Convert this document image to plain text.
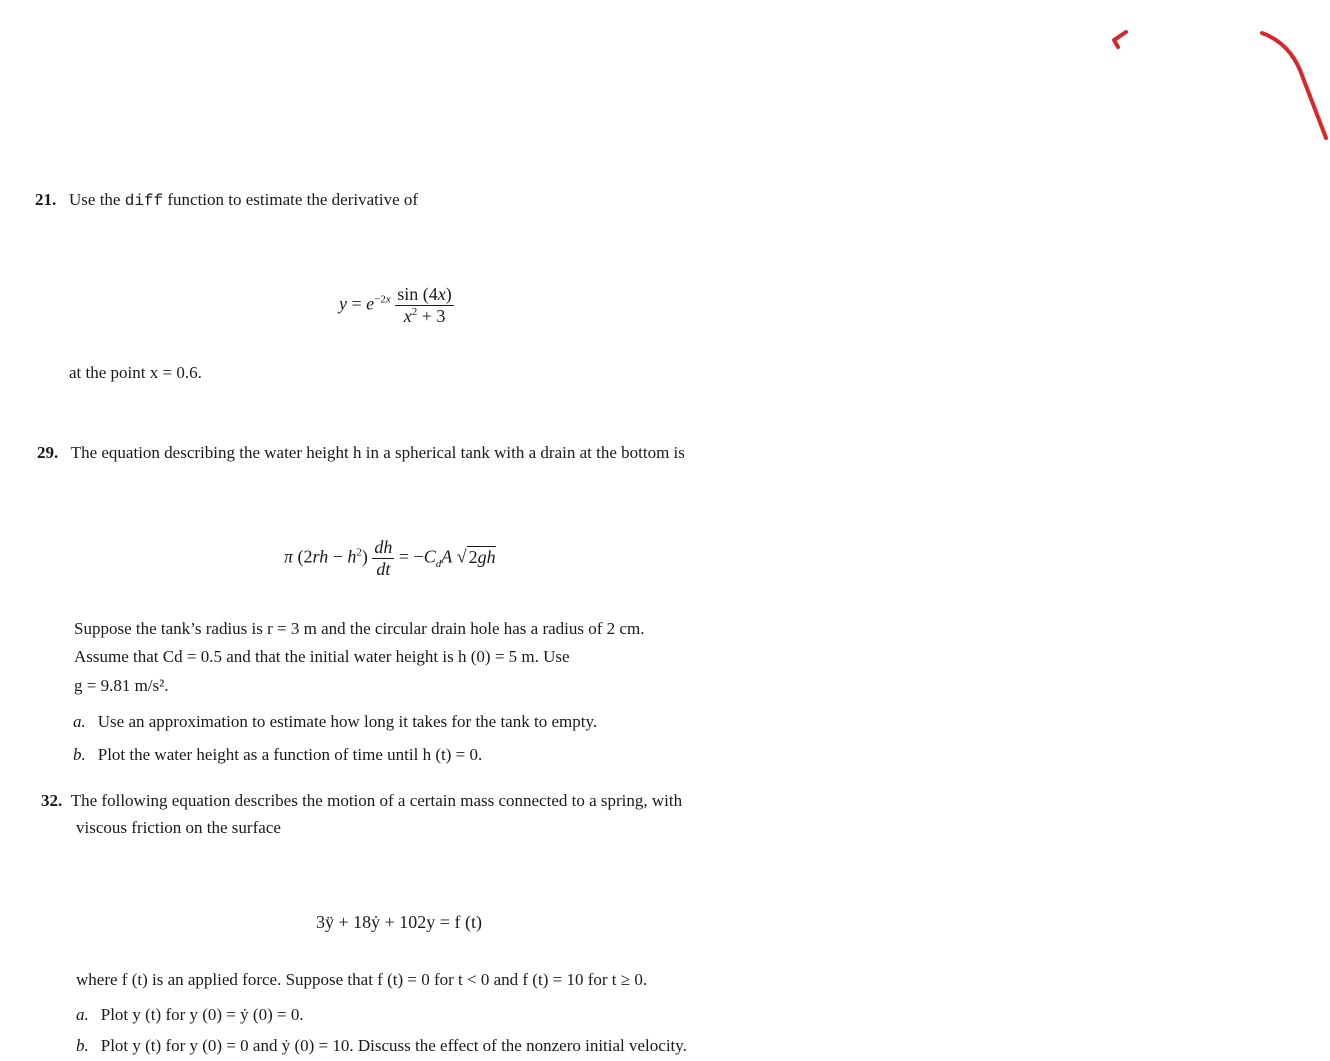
21. Use the diff function to estimate the derivative of
$y = e^{-2x} \frac{\sin (4x)}{x^2 + 3}$
at the point x = 0.6.
29. The equation describing the water height h in a spherical tank with a drain at the bottom is
π $(2rh - h^2) \frac{dh}{dt} = -C_dA$ √ 2gh
Suppose the tank’s radius is r = 3 m and the circular drain hole has a radius of 2 cm.
Assume that Cd = 0.5 and that the initial water height is h (0) = 5 m. Use
g = 9.81 m/s².
a. Use an approximation to estimate how long it takes for the tank to empty.
b. Plot the water height as a function of time until h (t) = 0.
32. The following equation describes the motion of a certain mass connected to a spring, with
viscous friction on the surface
3ÿ + 18ẏ + 102y = f (t)
where f (t) is an applied force. Suppose that f (t) = 0 for t < 0 and f (t) = 10 for t ≥ 0.
a. Plot y (t) for y (0) = ẏ (0) = 0.
b. Plot y (t) for y (0) = 0 and ẏ (0) = 10. Discuss the effect of the nonzero initial velocity.
